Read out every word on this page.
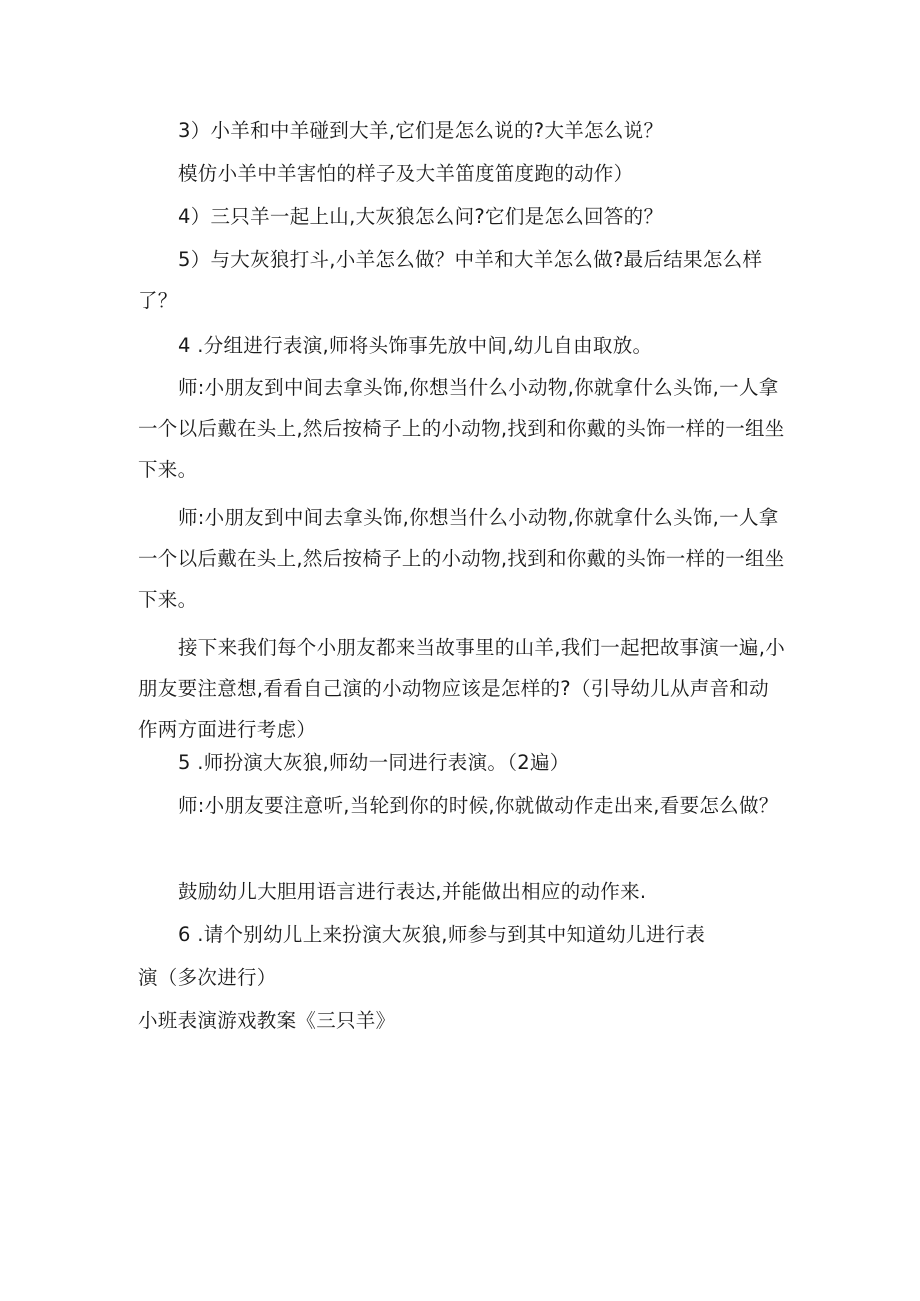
3）小羊和中羊碰到大羊,它们是怎么说的?大羊怎么说？

模仿小羊中羊害怕的样子及大羊笛度笛度跑的动作）

4）三只羊一起上山,大灰狼怎么问?它们是怎么回答的？

5）与大灰狼打斗,小羊怎么做？中羊和大羊怎么做?最后结果怎么样了？

4 .分组进行表演,师将头饰事先放中间,幼儿自由取放。

师:小朋友到中间去拿头饰,你想当什么小动物,你就拿什么头饰,一人拿一个以后戴在头上,然后按椅子上的小动物,找到和你戴的头饰一样的一组坐下来。

师:小朋友到中间去拿头饰,你想当什么小动物,你就拿什么头饰,一人拿一个以后戴在头上,然后按椅子上的小动物,找到和你戴的头饰一样的一组坐下来。

接下来我们每个小朋友都来当故事里的山羊,我们一起把故事演一遍,小朋友要注意想,看看自己演的小动物应该是怎样的?（引导幼儿从声音和动作两方面进行考虑）

5 .师扮演大灰狼,师幼一同进行表演。（2遍）

师:小朋友要注意听,当轮到你的时候,你就做动作走出来,看要怎么做？

鼓励幼儿大胆用语言进行表达,并能做出相应的动作来.

6 .请个别幼儿上来扮演大灰狼,师参与到其中知道幼儿进行表

演（多次进行）

小班表演游戏教案《三只羊》
